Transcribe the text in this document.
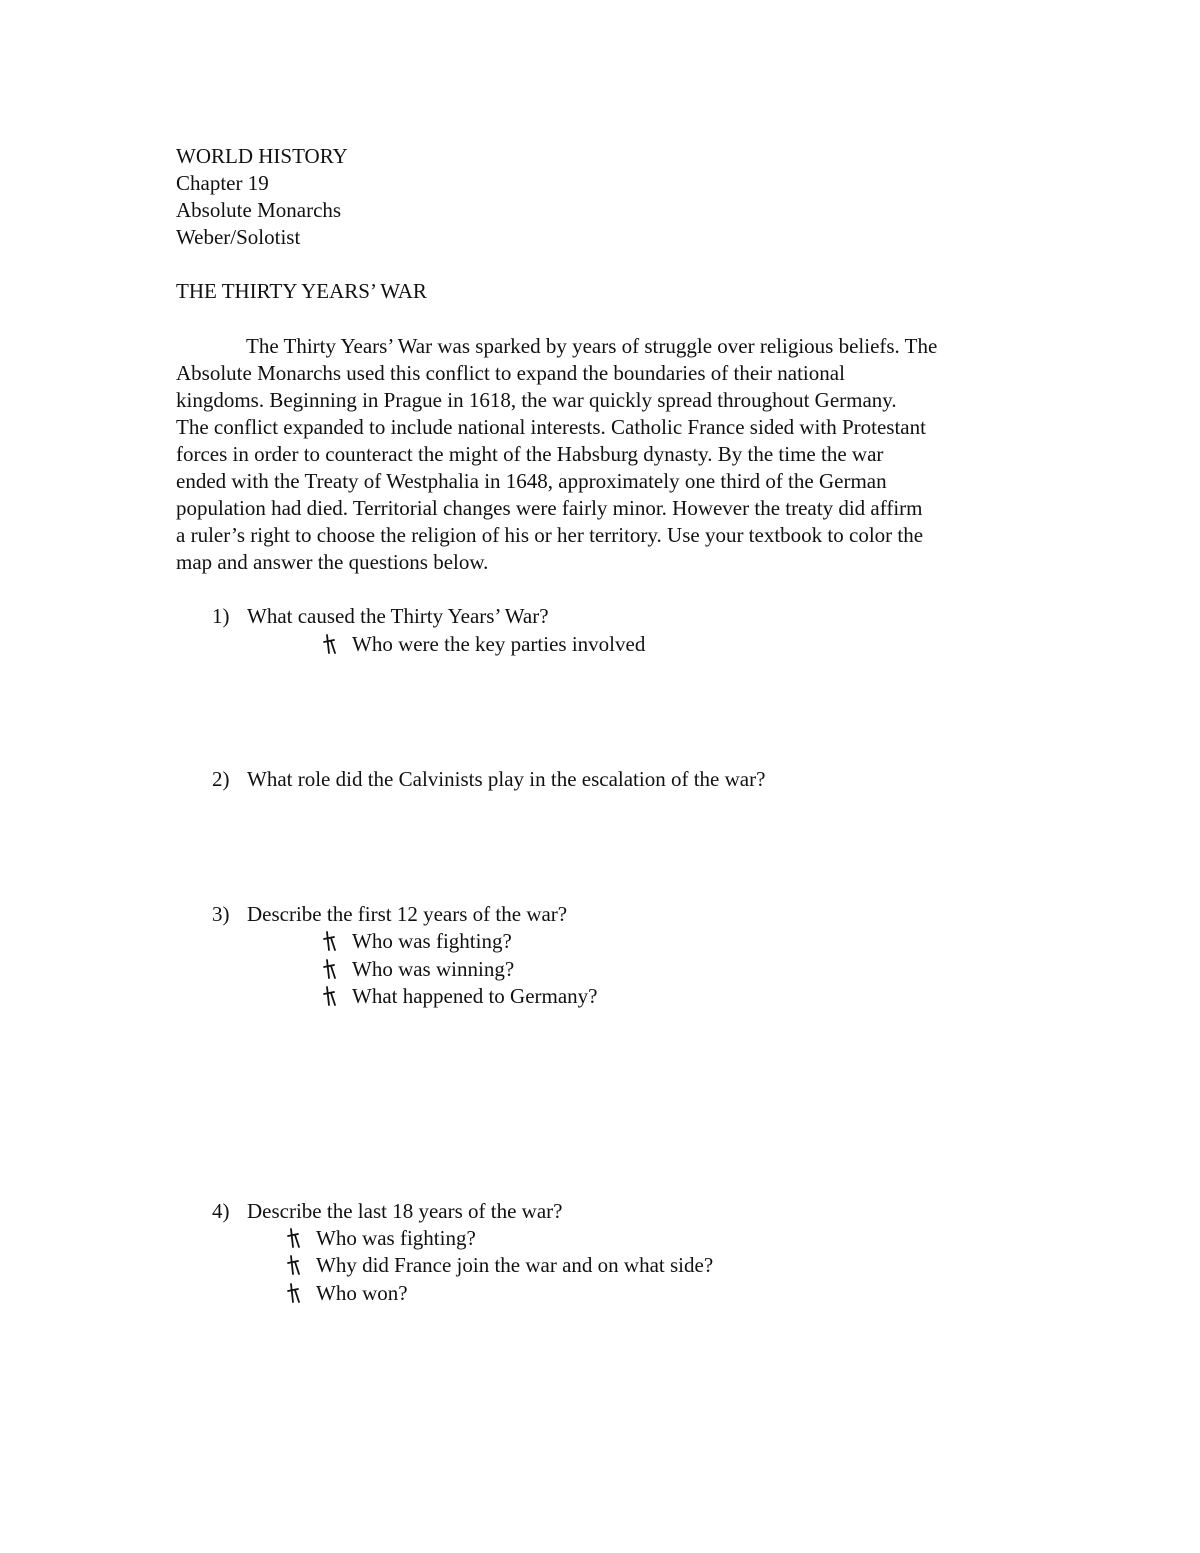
WORLD HISTORY
Chapter 19
Absolute Monarchs
Weber/Solotist
THE THIRTY YEARS’ WAR
The Thirty Years’ War was sparked by years of struggle over religious beliefs. The
Absolute Monarchs used this conflict to expand the boundaries of their national
kingdoms. Beginning in Prague in 1618, the war quickly spread throughout Germany.
The conflict expanded to include national interests. Catholic France sided with Protestant
forces in order to counteract the might of the Habsburg dynasty. By the time the war
ended with the Treaty of Westphalia in 1648, approximately one third of the German
population had died. Territorial changes were fairly minor. However the treaty did affirm
a ruler’s right to choose the religion of his or her territory. Use your textbook to color the
map and answer the questions below.
1) What caused the Thirty Years’ War?
Who were the key parties involved
2) What role did the Calvinists play in the escalation of the war?
3) Describe the first 12 years of the war?
Who was fighting?
Who was winning?
What happened to Germany?
4) Describe the last 18 years of the war?
Who was fighting?
Why did France join the war and on what side?
Who won?
